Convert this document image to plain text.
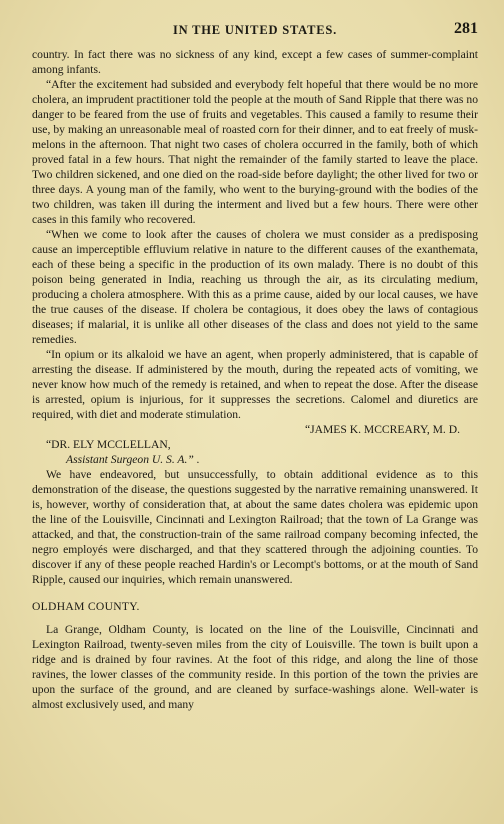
IN THE UNITED STATES.	281

country. In fact there was no sickness of any kind, except a few cases of summer-complaint among infants.

“After the excitement had subsided and everybody felt hopeful that there would be no more cholera, an imprudent practitioner told the people at the mouth of Sand Ripple that there was no danger to be feared from the use of fruits and vegetables. This caused a family to resume their use, by making an unreasonable meal of roasted corn for their dinner, and to eat freely of musk-melons in the afternoon. That night two cases of cholera occurred in the family, both of which proved fatal in a few hours. That night the remainder of the family started to leave the place. Two children sickened, and one died on the road-side before daylight; the other lived for two or three days. A young man of the family, who went to the burying-ground with the bodies of the two children, was taken ill during the interment and lived but a few hours. There were other cases in this family who recovered.

“When we come to look after the causes of cholera we must consider as a predisposing cause an imperceptible effluvium relative in nature to the different causes of the exanthemata, each of these being a specific in the production of its own malady. There is no doubt of this poison being generated in India, reaching us through the air, as its circulating medium, producing a cholera atmosphere. With this as a prime cause, aided by our local causes, we have the true causes of the disease. If cholera be contagious, it does obey the laws of contagious diseases; if malarial, it is unlike all other diseases of the class and does not yield to the same remedies.

“In opium or its alkaloid we have an agent, when properly administered, that is capable of arresting the disease. If administered by the mouth, during the repeated acts of vomiting, we never know how much of the remedy is retained, and when to repeat the dose. After the disease is arrested, opium is injurious, for it suppresses the secretions. Calomel and diuretics are required, with diet and moderate stimulation.

“JAMES K. MCCREARY, M. D.

“DR. ELY MCCLELLAN,

Assistant Surgeon U. S. A.” .

We have endeavored, but unsuccessfully, to obtain additional evidence as to this demonstration of the disease, the questions suggested by the narrative remaining unanswered. It is, however, worthy of consideration that, at about the same dates cholera was epidemic upon the line of the Louisville, Cincinnati and Lexington Railroad; that the town of La Grange was attacked, and that, the construction-train of the same railroad company becoming infected, the negro employés were discharged, and that they scattered through the adjoining counties. To discover if any of these people reached Hardin's or Lecompt's bottoms, or at the mouth of Sand Ripple, caused our inquiries, which remain unanswered.

OLDHAM COUNTY.

La Grange, Oldham County, is located on the line of the Louisville, Cincinnati and Lexington Railroad, twenty-seven miles from the city of Louisville. The town is built upon a ridge and is drained by four ravines. At the foot of this ridge, and along the line of those ravines, the lower classes of the community reside. In this portion of the town the privies are upon the surface of the ground, and are cleaned by surface-washings alone. Well-water is almost exclusively used, and many
